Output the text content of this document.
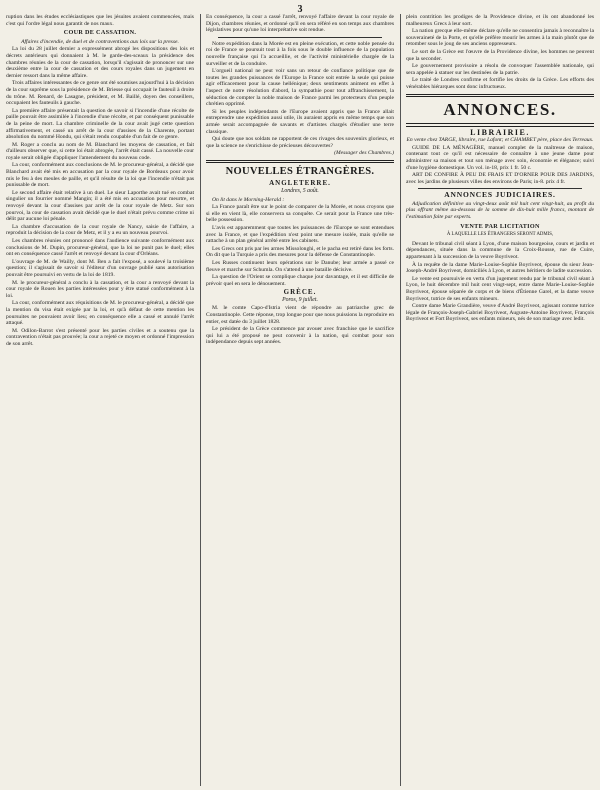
3

ruption dans les études ecclésiastiques que les jésuites avaient commencées, mais c'est qui l'ordre légal nous garantit de nos maux.

COUR DE CASSATION.

Affaires d'incendie, de duel et de contraventions aux lois sur la presse.

La loi du 28 juillet dernier a expressément abrogé les dispositions des lois et décrets antérieurs qui donnaient à M. le garde-des-sceaux la présidence des chambres réunies de la cour de cassation, lorsqu'il s'agissait de prononcer sur une deuxième entre la cour de cassation et des cours royales dans un jugement en dernier ressort dans la même affaire.

Trois affaires intéressantes de ce genre ont été soumises aujourd'hui à la décision de la cour suprême sous la présidence de M. Briesse qui occupait le fauteuil à droite du trône. M. Renard, de Lasagne, président, et M. Baillé, doyen des conseillers, occupaient les fauteuils à gauche.

La première affaire présentait la question de savoir si l'incendie d'une récolte de paille pouvait être assimilée à l'incendie d'une récolte, et par conséquent punissable de la peine de mort. La chambre criminelle de la cour avait jugé cette question affirmativement, et cassé un arrêt de la cour d'assises de la Charente, portant absolution du nommé Hondu, qui s'était rendu coupable d'un fait de ce genre.

M. Roger a conclu au nom de M. Blanchard les moyens de cassation, et fait d'ailleurs observer que, si cette loi était abrogée, l'arrêt était cassé. La nouvelle cour royale serait obligée d'appliquer l'amendement du nouveau code.

La cour, conformément aux conclusions de M. le procureur-général, a décidé que Blanchard avait été mis en accusation par la cour royale de Bordeaux pour avoir mis le feu à des meules de paille, et qu'il résulte de la loi que l'incendie n'était pas punissable de mort.

Le second affaire était relative à un duel. Le sieur Laporthe avait tué en combat singulier un fourrier nommé Mangin; il a été mis en accusation pour meurtre, et renvoyé devant la cour d'assises par arrêt de la cour royale de Metz. Sur son pourvoi, la cour de cassation avait décidé que le duel n'était prévu comme crime ni délit par aucune loi pénale.

La chambre d'accusation de la cour royale de Nancy, saisie de l'affaire, a reproduit la décision de la cour de Metz, et il y a eu un nouveau pourvoi.

Les chambres réunies ont prononcé dans l'audience suivante conformément aux conclusions de M. Dupin, procureur-général, que la loi ne punit pas le duel; elles ont en conséquence cassé l'arrêt et renvoyé devant la cour d'Orléans.

L'ouvrage de M. de Wailly, dont M. Ben a fait l'exposé, a soulevé la troisième question; il s'agissait de savoir si l'éditeur d'un ouvrage publié sans autorisation pouvait être poursuivi en vertu de la loi de 1819.

M. le procureur-général a conclu à la cassation, et la cour a renvoyé devant la cour royale de Rouen les parties intéressées pour y être statué conformément à la loi.

La cour, conformément aux réquisitions de M. le procureur-général, a décidé que la mention du visa était exigée par la loi, et qu'à défaut de cette mention les poursuites ne pouvaient avoir lieu; en conséquence elle a cassé et annulé l'arrêt attaqué.

M. Odilon-Barrot s'est présenté pour les parties civiles et a soutenu que la contravention n'était pas prouvée; la cour a rejeté ce moyen et ordonné l'impression de son arrêt.

En conséquence, la cour a cassé l'arrêt, renvoyé l'affaire devant la cour royale de Dijon, chambres réunies, et ordonné qu'il en sera référé en son temps aux chambres législatives pour qu'une loi interprétative soit rendue.

Notre expédition dans la Morée est en pleine exécution, et cette noble pensée du roi de France se poursuit tout à la fois sous le double influence de la population nouvelle française qui l'a accueillie, et de l'activité ministérielle chargée de la surveiller et de la conduire.

L'orgueil national ne peut voir sans un retour de confiance politique que de toutes les grandes puissances de l'Europe la France soit entrée la seule qui puisse agir efficacement pour la cause hellénique; deux sentiments animent en effet à l'aspect de notre résolution d'abord, la sympathie pour tout affranchissement, la séduction de compter la noble maison de France parmi les protecteurs d'un peuple chrétien opprimé.

Si les peuples indépendants de l'Europe avaient appris que la France allait entreprendre une expédition aussi utile, ils auraient appris en même temps que son armée serait accompagnée de savants et d'artistes chargés d'étudier une terre classique.

Qui doute que nos soldats ne rapportent de ces rivages des souvenirs glorieux, et que la science ne s'enrichisse de précieuses découvertes?

(Messager des Chambres.)

NOUVELLES ÉTRANGÈRES.
ANGLETERRE.
Londres, 5 août.

On lit dans le Morning-Herald :

La France paraît être sur le point de comparer de la Morée, et nous croyons que si elle en vient là, elle conservera sa conquête. Ce serait pour la France une très-belle possession.

L'avis est apparemment que toutes les puissances de l'Europe se sont entendues avec la France, et que l'expédition n'est point une mesure isolée, mais qu'elle se rattache à un plan général arrêté entre les cabinets.

Les Grecs ont pris par les armes Missolonghi, et le pacha est retiré dans les forts. On dit que la Turquie a pris des mesures pour la défense de Constantinople.

Les Russes continuent leurs opérations sur le Danube; leur armée a passé ce fleuve et marche sur Schumla. On s'attend à une bataille décisive.

La question de l'Orient se complique chaque jour davantage, et il est difficile de prévoir quel en sera le dénouement.

GRÈCE.
Poros, 9 juillet.

M. le comte Capo-d'Istria vient de répondre au patriarche grec de Constantinople. Cette réponse, trop longue pour que nous puissions la reproduire en entier, est datée du 3 juillet 1828.

Le président de la Grèce commence par avouer avec franchise que le sacrifice qui lui a été proposé ne peut convenir à la nation, qui combat pour son indépendance depuis sept années.

plein contrition les prodiges de la Providence divine, et ils ont abandonné les malheureux Grecs à leur sort.

La nation grecque elle-même déclare qu'elle ne consentira jamais à reconnaître la souveraineté de la Porte, et qu'elle préfère mourir les armes à la main plutôt que de retomber sous le joug de ses anciens oppresseurs.

Le sort de la Grèce est l'œuvre de la Providence divine, les hommes ne peuvent que la seconder.

Le gouvernement provisoire a résolu de convoquer l'assemblée nationale, qui sera appelée à statuer sur les destinées de la patrie.

Le traité de Londres confirme et fortifie les droits de la Grèce. Les efforts des vénérables hiérarques sont donc infructueux.

ANNONCES.
LIBRAIRIE.

En vente chez TARGE, libraire, rue Lafont; et CHAMBET père, place des Terreaux.

GUIDE DE LA MÉNAGÈRE, manuel complet de la maîtresse de maison, contenant tout ce qu'il est nécessaire de connaître à une jeune dame pour administrer sa maison et tout son ménage avec soin, économie et élégance; suivi d'une hygiène domestique. Un vol. in-18, prix 1 fr. 50 c.

ART DE CONFIRE À PEU DE FRAIS ET D'ORNER POUR DES JARDINS, avec les jardins de plusieurs villes des environs de Paris; in-8. prix 4 fr.

ANNONCES JUDICIAIRES.

Adjudication définitive au vingt-deux août mil huit cent vingt-huit, au profit du plus offrant même au-dessous de la somme de dix-huit mille francs, montant de l'estimation faite par experts.

VENTE PAR LICITATION
À LAQUELLE LES ÉTRANGERS SERONT ADMIS,

Devant le tribunal civil séant à Lyon, d'une maison bourgeoise, cours et jardin et dépendances, située dans la commune de la Croix-Rousse, rue de Cuire, appartenant à la succession de la veuve Boyriveot.

À la requête de la dame Marie-Louise-Sophie Boyriveot, épouse du sieur Jean-Joseph-André Boyriveot, domiciliés à Lyon, et autres héritiers de ladite succession.

Le vente est poursuivie en vertu d'un jugement rendu par le tribunal civil séant à Lyon, le huit décembre mil huit cent vingt-sept, entre dame Marie-Louise-Sophie Boyriveot, épouse séparée de corps et de biens d'Étienne Garel, et la dame veuve Boyriveot, tutrice de ses enfants mineurs.

Contre dame Marie Grandière, veuve d'André Boyriveot, agissant comme tutrice légale de François-Joseph-Gabriel Boyriveot, Auguste-Antoine Boyriveot, François Boyriveot et Fort Boyriveot, ses enfants mineurs, nés de son mariage avec ledit.
